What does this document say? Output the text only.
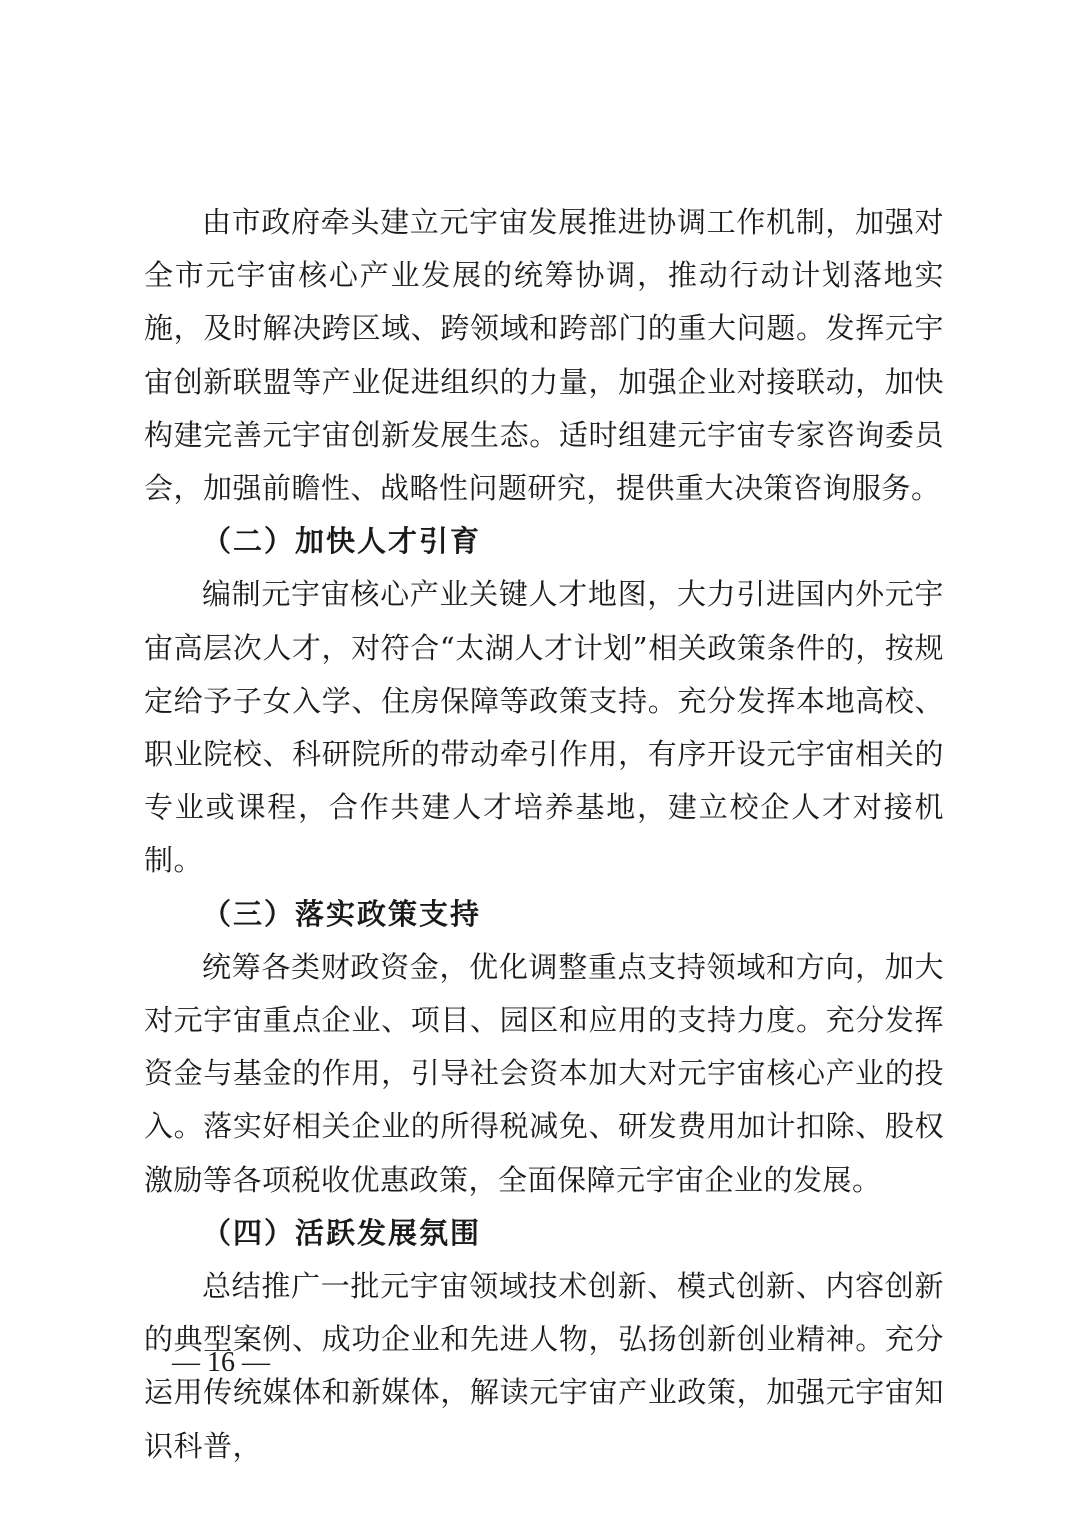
由市政府牵头建立元宇宙发展推进协调工作机制，加强对全市元宇宙核心产业发展的统筹协调，推动行动计划落地实施，及时解决跨区域、跨领域和跨部门的重大问题。发挥元宇宙创新联盟等产业促进组织的力量，加强企业对接联动，加快构建完善元宇宙创新发展生态。适时组建元宇宙专家咨询委员会，加强前瞻性、战略性问题研究，提供重大决策咨询服务。

（二）加快人才引育

编制元宇宙核心产业关键人才地图，大力引进国内外元宇宙高层次人才，对符合“太湖人才计划”相关政策条件的，按规定给予子女入学、住房保障等政策支持。充分发挥本地高校、职业院校、科研院所的带动牵引作用，有序开设元宇宙相关的专业或课程，合作共建人才培养基地，建立校企人才对接机制。

（三）落实政策支持

统筹各类财政资金，优化调整重点支持领域和方向，加大对元宇宙重点企业、项目、园区和应用的支持力度。充分发挥资金与基金的作用，引导社会资本加大对元宇宙核心产业的投入。落实好相关企业的所得税减免、研发费用加计扣除、股权激励等各项税收优惠政策，全面保障元宇宙企业的发展。

（四）活跃发展氛围

总结推广一批元宇宙领域技术创新、模式创新、内容创新的典型案例、成功企业和先进人物，弘扬创新创业精神。充分运用传统媒体和新媒体，解读元宇宙产业政策，加强元宇宙知识科普，

— 16 —
